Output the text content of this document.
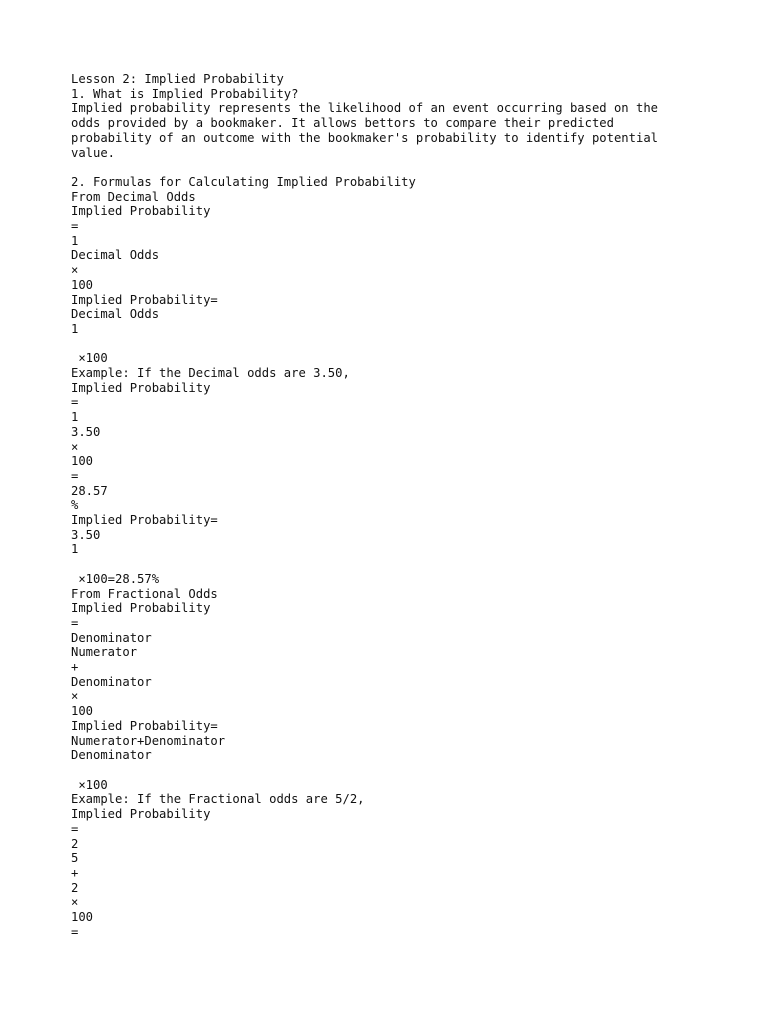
Lesson 2: Implied Probability
1. What is Implied Probability?
Implied probability represents the likelihood of an event occurring based on the
odds provided by a bookmaker. It allows bettors to compare their predicted
probability of an outcome with the bookmaker's probability to identify potential
value.
2. Formulas for Calculating Implied Probability
From Decimal Odds
Implied Probability
=
1
Decimal Odds
×
100
Implied Probability=
Decimal Odds
1
×100
Example: If the Decimal odds are 3.50,
Implied Probability
=
1
3.50
×
100
=
28.57
%
Implied Probability=
3.50
1
×100=28.57%
From Fractional Odds
Implied Probability
=
Denominator
Numerator
+
Denominator
×
100
Implied Probability=
Numerator+Denominator
Denominator
×100
Example: If the Fractional odds are 5/2,
Implied Probability
=
2
5
+
2
×
100
=
